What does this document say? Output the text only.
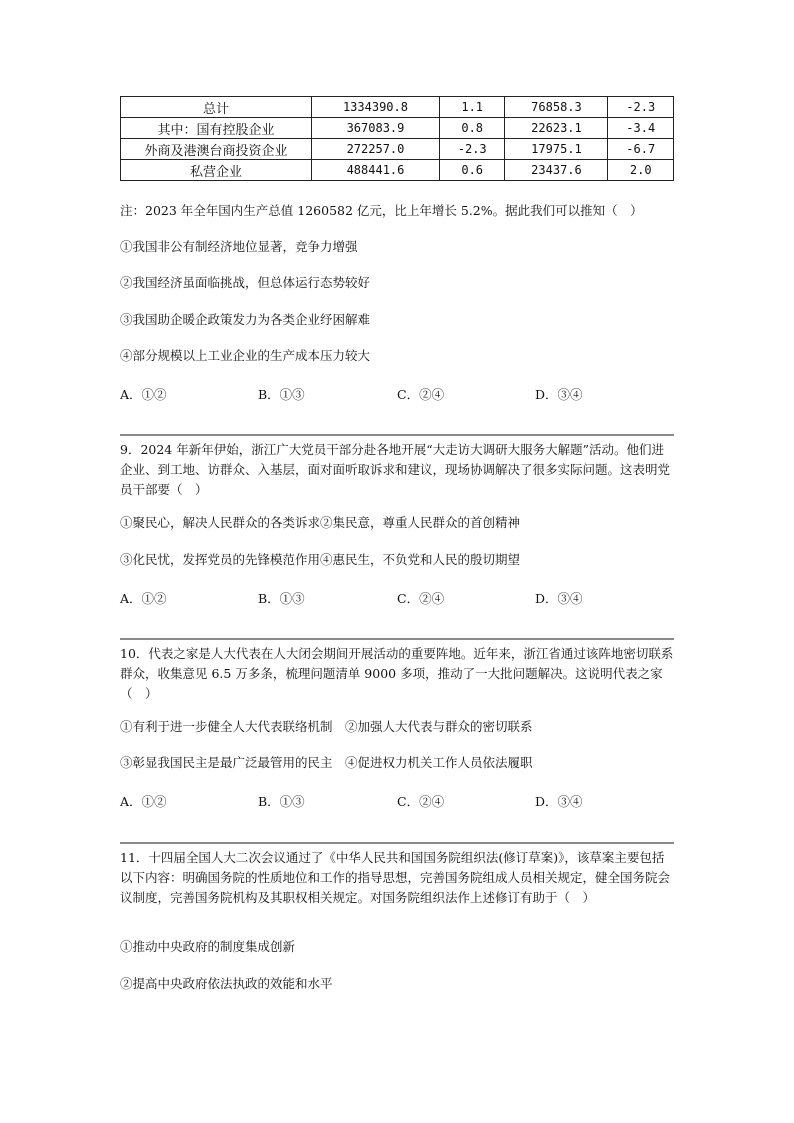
总计	1334390.8	1.1	76858.3	-2.3
其中：国有控股企业	367083.9	0.8	22623.1	-3.4
外商及港澳台商投资企业	272257.0	-2.3	17975.1	-6.7
私营企业	488441.6	0.6	23437.6	2.0
注：2023 年全年国内生产总值 1260582 亿元，比上年增长 5.2%。据此我们可以推知（　）
①我国非公有制经济地位显著，竞争力增强
②我国经济虽面临挑战，但总体运行态势较好
③我国助企暖企政策发力为各类企业纾困解难
④部分规模以上工业企业的生产成本压力较大
A．①②	B．①③	C．②④	D．③④
9．2024 年新年伊始，浙江广大党员干部分赴各地开展“大走访大调研大服务大解题”活动。他们进企业、到工地、访群众、入基层，面对面听取诉求和建议，现场协调解决了很多实际问题。这表明党员干部要（　）
①聚民心，解决人民群众的各类诉求②集民意，尊重人民群众的首创精神
③化民忧，发挥党员的先锋模范作用④惠民生，不负党和人民的殷切期望
A．①②	B．①③	C．②④	D．③④
10．代表之家是人大代表在人大闭会期间开展活动的重要阵地。近年来，浙江省通过该阵地密切联系群众，收集意见 6.5 万多条，梳理问题清单 9000 多项，推动了一大批问题解决。这说明代表之家（　）
①有利于进一步健全人大代表联络机制　②加强人大代表与群众的密切联系
③彰显我国民主是最广泛最管用的民主　④促进权力机关工作人员依法履职
A．①②	B．①③	C．②④	D．③④
11．十四届全国人大二次会议通过了《中华人民共和国国务院组织法(修订草案)》，该草案主要包括以下内容：明确国务院的性质地位和工作的指导思想，完善国务院组成人员相关规定，健全国务院会议制度，完善国务院机构及其职权相关规定。对国务院组织法作上述修订有助于（　）
①推动中央政府的制度集成创新
②提高中央政府依法执政的效能和水平
